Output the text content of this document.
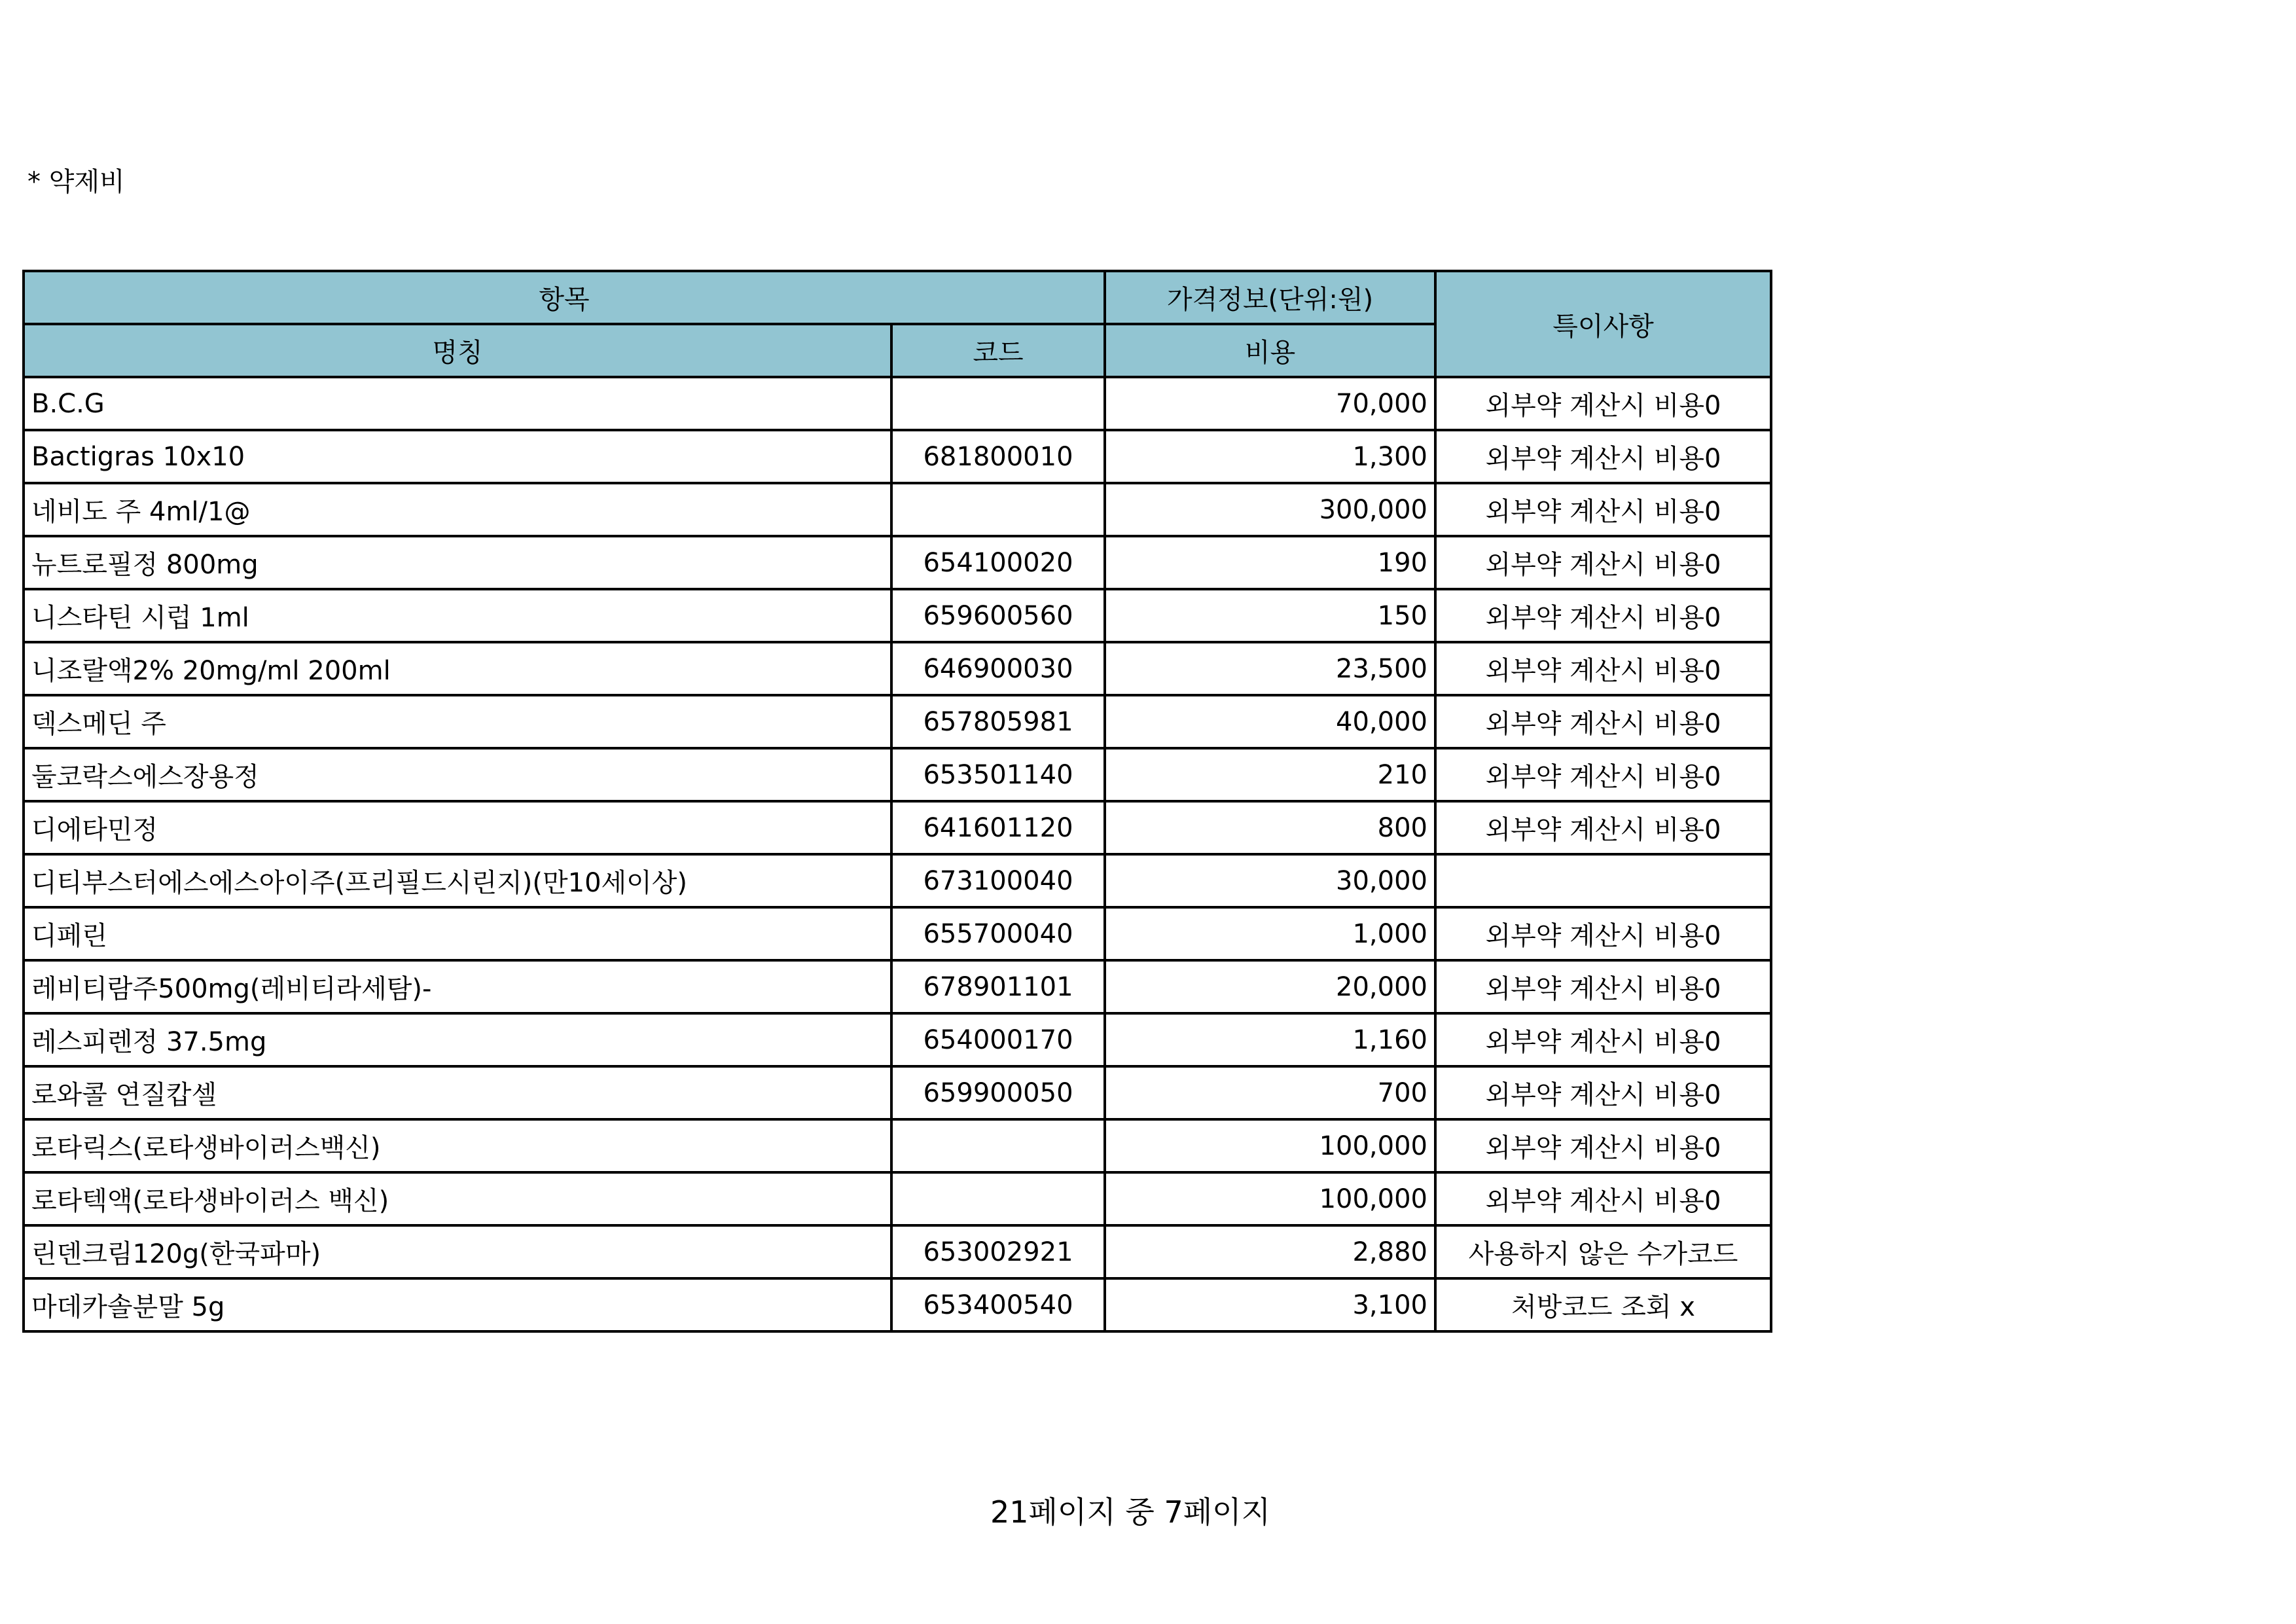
* 약제비
항목		가격정보(단위:원)	특이사항
명칭	코드	비용	
B.C.G		70,000	외부약 계산시 비용0
Bactigras 10x10	681800010	1,300	외부약 계산시 비용0
네비도 주 4ml/1@		300,000	외부약 계산시 비용0
뉴트로필정 800mg	654100020	190	외부약 계산시 비용0
니스타틴 시럽 1ml	659600560	150	외부약 계산시 비용0
니조랄액2% 20mg/ml 200ml	646900030	23,500	외부약 계산시 비용0
덱스메딘 주	657805981	40,000	외부약 계산시 비용0
둘코락스에스장용정	653501140	210	외부약 계산시 비용0
디에타민정	641601120	800	외부약 계산시 비용0
디티부스터에스에스아이주(프리필드시린지)(만10세이상)	673100040	30,000	
디페린	655700040	1,000	외부약 계산시 비용0
레비티람주500mg(레비티라세탐)-	678901101	20,000	외부약 계산시 비용0
레스피렌정 37.5mg	654000170	1,160	외부약 계산시 비용0
로와콜 연질캅셀	659900050	700	외부약 계산시 비용0
로타릭스(로타생바이러스백신)		100,000	외부약 계산시 비용0
로타텍액(로타생바이러스 백신)		100,000	외부약 계산시 비용0
린덴크림120g(한국파마)	653002921	2,880	사용하지 않은 수가코드
마데카솔분말 5g	653400540	3,100	처방코드 조회 x
21페이지 중 7페이지
